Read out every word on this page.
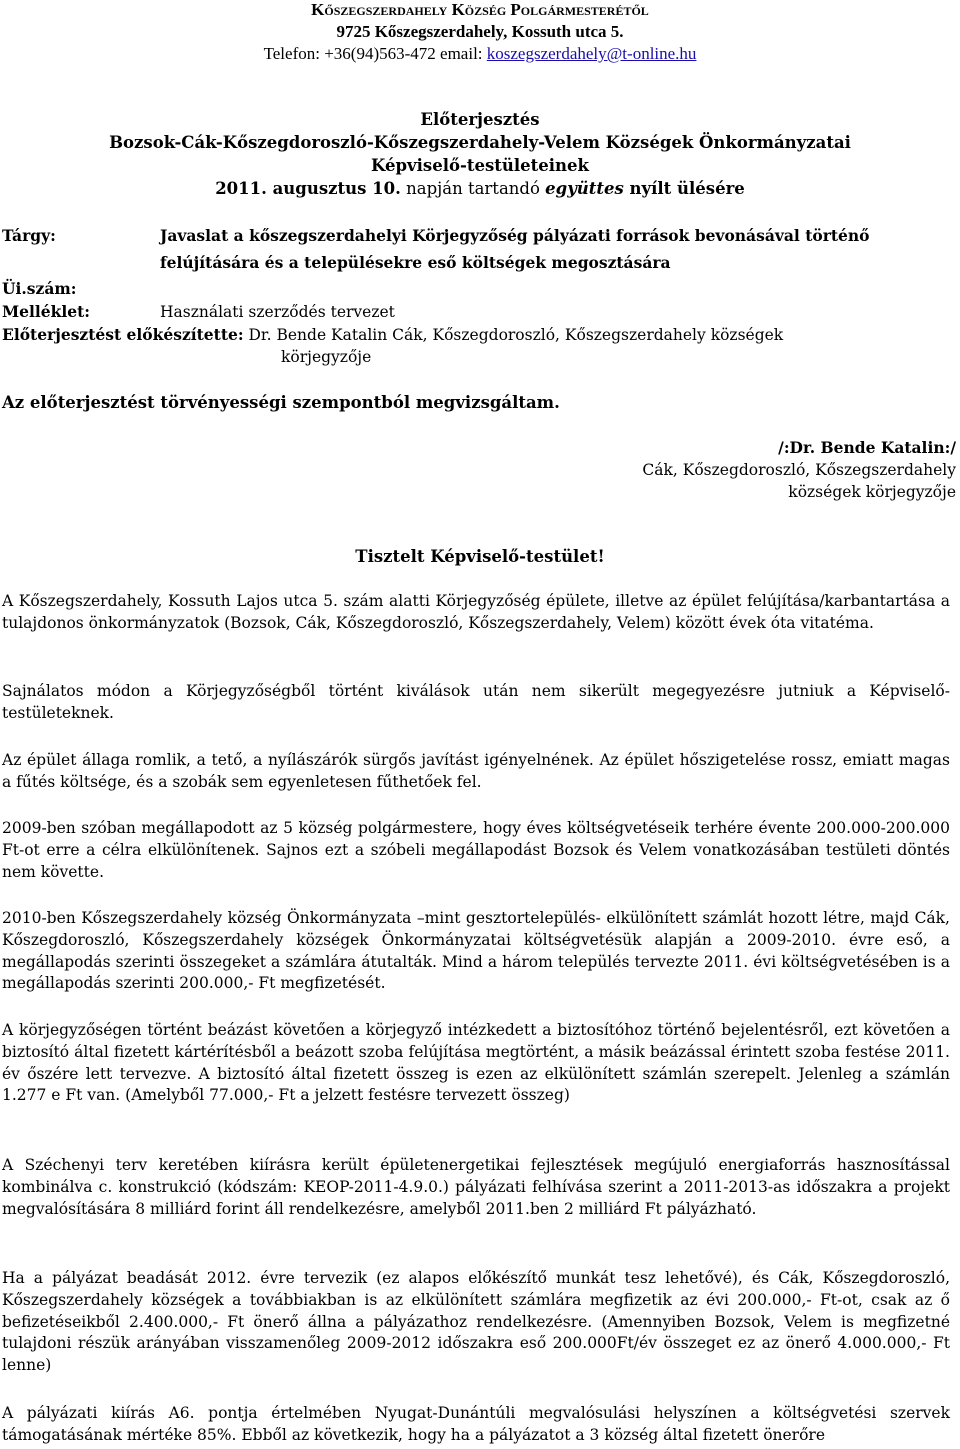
Kőszegszerdahely Község Polgármesterétől
9725 Kőszegszerdahely, Kossuth utca 5.
Telefon: +36(94)563-472 email: koszegszerdahely@t-online.hu
Előterjesztés
Bozsok-Cák-Kőszegdoroszló-Kőszegszerdahely-Velem Községek Önkormányzatai
Képviselő-testületeinek
2011. augusztus 10. napján tartandó együttes nyílt ülésére
Tárgy:	Javaslat a kőszegszerdahelyi Körjegyzőség pályázati források bevonásával történő
felújítására és a településekre eső költségek megosztására
Üi.szám:
Melléklet:	Használati szerződés tervezet
Előterjesztést előkészítette: Dr. Bende Katalin Cák, Kőszegdoroszló, Kőszegszerdahely községek
körjegyzője
Az előterjesztést törvényességi szempontból megvizsgáltam.
/:Dr. Bende Katalin:/
Cák, Kőszegdoroszló, Kőszegszerdahely
községek körjegyzője
Tisztelt Képviselő-testület!
A Kőszegszerdahely, Kossuth Lajos utca 5. szám alatti Körjegyzőség épülete, illetve az épület felújítása/karbantartása a tulajdonos önkormányzatok (Bozsok, Cák, Kőszegdoroszló, Kőszegszerdahely, Velem) között évek óta vitatéma.
Sajnálatos módon a Körjegyzőségből történt kiválások után nem sikerült megegyezésre jutniuk a Képviselő-testületeknek.
Az épület állaga romlik, a tető, a nyílászárók sürgős javítást igényelnének. Az épület hőszigetelése rossz, emiatt magas a fűtés költsége, és a szobák sem egyenletesen fűthetőek fel.
2009-ben szóban megállapodott az 5 község polgármestere, hogy éves költségvetéseik terhére évente 200.000-200.000 Ft-ot erre a célra elkülönítenek. Sajnos ezt a szóbeli megállapodást Bozsok és Velem vonatkozásában testületi döntés nem követte.
2010-ben Kőszegszerdahely község Önkormányzata –mint gesztortelepülés- elkülönített számlát hozott létre, majd Cák, Kőszegdoroszló, Kőszegszerdahely községek Önkormányzatai költségvetésük alapján a 2009-2010. évre eső, a megállapodás szerinti összegeket a számlára átutalták. Mind a három település tervezte 2011. évi költségvetésében is a megállapodás szerinti 200.000,- Ft megfizetését.
A körjegyzőségen történt beázást követően a körjegyző intézkedett a biztosítóhoz történő bejelentésről, ezt követően a biztosító által fizetett kártérítésből a beázott szoba felújítása megtörtént, a másik beázással érintett szoba festése 2011. év őszére lett tervezve. A biztosító által fizetett összeg is ezen az elkülönített számlán szerepelt. Jelenleg a számlán 1.277 e Ft van. (Amelyből 77.000,- Ft a jelzett festésre tervezett összeg)
A Széchenyi terv keretében kiírásra került épületenergetikai fejlesztések megújuló energiaforrás hasznosítással kombinálva c. konstrukció (kódszám: KEOP-2011-4.9.0.) pályázati felhívása szerint a 2011-2013-as időszakra a projekt megvalósítására 8 milliárd forint áll rendelkezésre, amelyből 2011.ben 2 milliárd Ft pályázható.
Ha a pályázat beadását 2012. évre tervezik (ez alapos előkészítő munkát tesz lehetővé), és Cák, Kőszegdoroszló, Kőszegszerdahely községek a továbbiakban is az elkülönített számlára megfizetik az évi 200.000,- Ft-ot, csak az ő befizetéseikből 2.400.000,- Ft önerő állna a pályázathoz rendelkezésre. (Amennyiben Bozsok, Velem is megfizetné tulajdoni részük arányában visszamenőleg 2009-2012 időszakra eső 200.000Ft/év összeget ez az önerő 4.000.000,- Ft lenne)
A pályázati kiírás A6. pontja értelmében Nyugat-Dunántúli megvalósulási helyszínen a költségvetési szervek támogatásának mértéke 85%. Ebből az következik, hogy ha a pályázatot a 3 község által fizetett önerőre
